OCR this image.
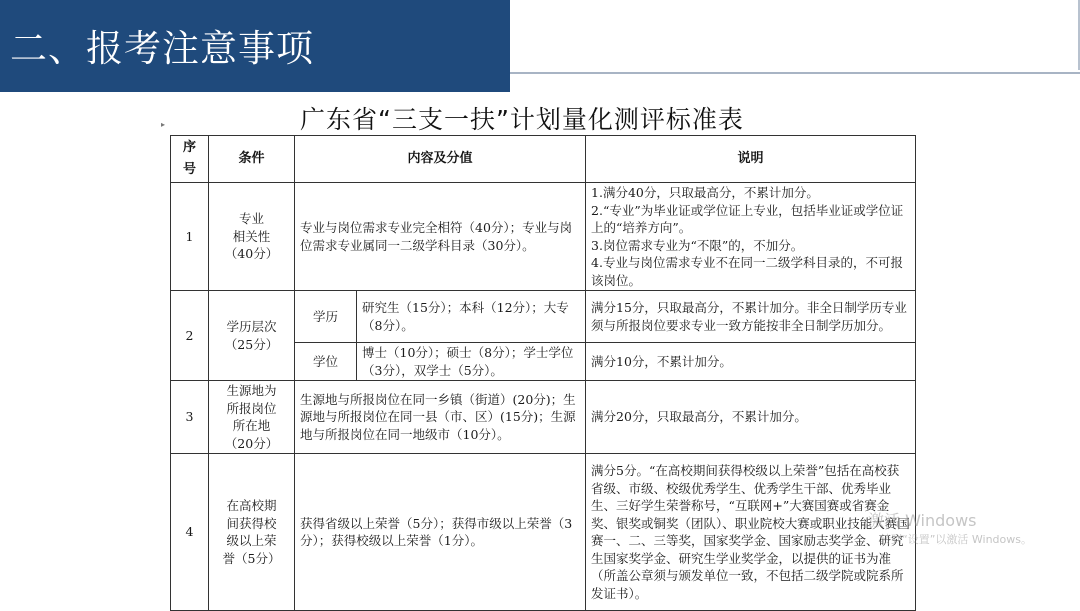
二、报考注意事项
▸	广东省“三支一扶”计划量化测评标准表
序
号	条件	内容及分值		说明
1	专业
相关性
（40分）	专业与岗位需求专业完全相符（40分）；专业与岗位需求专业属同一二级学科目录（30分）。		1.满分40分，只取最高分，不累计加分。
2.“专业”为毕业证或学位证上专业，包括毕业证或学位证上的“培养方向”。
3.岗位需求专业为“不限”的，不加分。
4.专业与岗位需求专业不在同一二级学科目录的，不可报该岗位。
2	学历层次
（25分）	学历	研究生（15分）；本科（12分）；大专（8分）。	满分15分，只取最高分，不累计加分。非全日制学历专业须与所报岗位要求专业一致方能按非全日制学历加分。
		学位	博士（10分）；硕士（8分）；学士学位（3分），双学士（5分）。	满分10分，不累计加分。
3	生源地为
所报岗位
所在地
（20分）	生源地与所报岗位在同一乡镇（街道）(20分)；生源地与所报岗位在同一县（市、区）(15分)；生源地与所报岗位在同一地级市（10分）。		满分20分，只取最高分，不累计加分。
4	在高校期
间获得校
级以上荣
誉（5分）	获得省级以上荣誉（5分）；获得市级以上荣誉（3分）；获得校级以上荣誉（1分）。		满分5分。“在高校期间获得校级以上荣誉”包括在高校获省级、市级、校级优秀学生、优秀学生干部、优秀毕业生、三好学生荣誉称号，“互联网+”大赛国赛或省赛金奖、银奖或铜奖（团队）、职业院校大赛或职业技能大赛国赛一、二、三等奖，国家奖学金、国家励志奖学金、研究生国家奖学金、研究生学业奖学金，以提供的证书为准（所盖公章须与颁发单位一致，不包括二级学院或院系所发证书）。
激活 Windows
转到“设置”以激活 Windows。
